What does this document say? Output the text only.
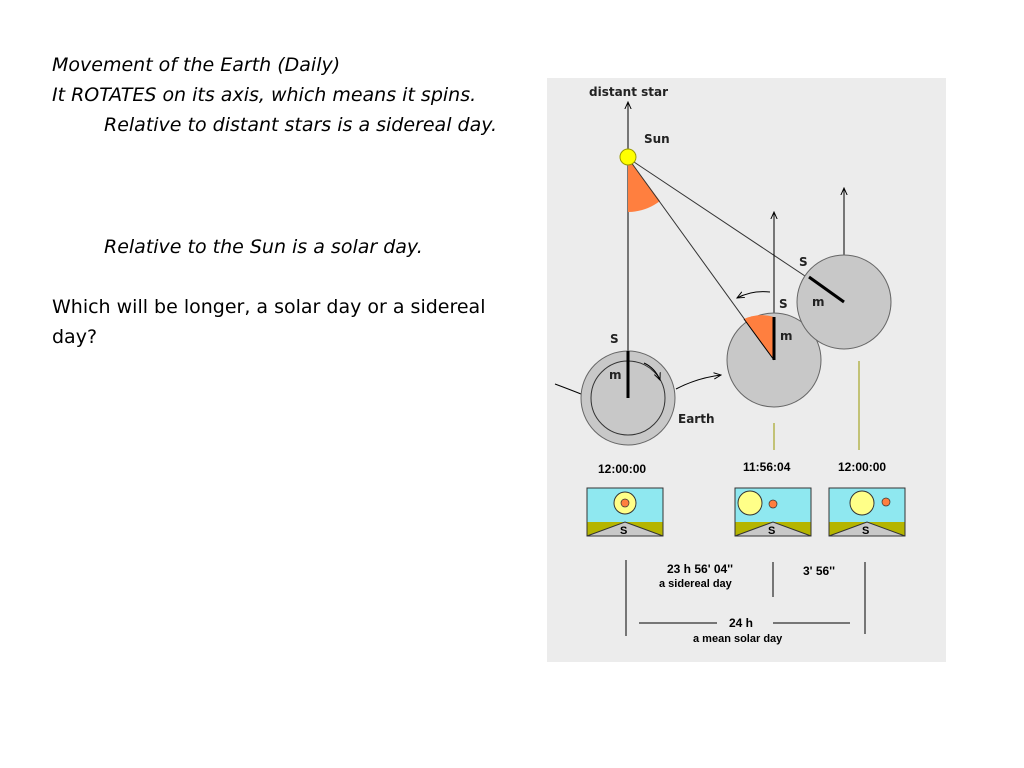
Movement of the Earth (Daily)

It ROTATES on its axis, which means it spins.

Relative to distant stars is a sidereal day.

Relative to the Sun is a solar day.

Which will be longer, a solar day or a sidereal day?

distant star
Sun
S
m
Earth
S
m
S
m
12:00:00	11:56:04	12:00:00
S	S	S
23 h 56' 04''
a sidereal day
3' 56''
24 h
a mean solar day
